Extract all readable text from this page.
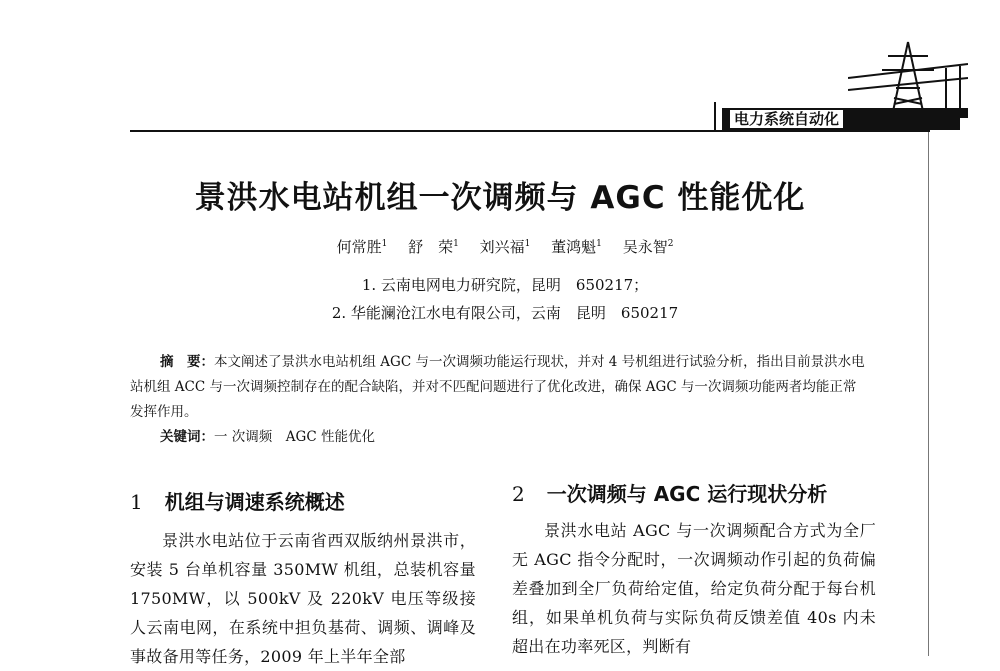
电力系统自动化
景洪水电站机组一次调频与 AGC 性能优化
何常胜$^1$ 舒　荣$^1$ 刘兴福$^1$ 董鸿魁$^1$ 吴永智$^2$
1. 云南电网电力研究院，昆明　650217；
2. 华能澜沧江水电有限公司，云南　昆明　650217
摘　要：本文阐述了景洪水电站机组 AGC 与一次调频功能运行现状，并对 4 号机组进行试验分析，指出目前景洪水电站机组 ACC 与一次调频控制存在的配合缺陷，并对不匹配问题进行了优化改进，确保 AGC 与一次调频功能两者均能正常发挥作用。
关键词：一 次调频　AGC 性能优化
1 机组与调速系统概述
景洪水电站位于云南省西双版纳州景洪市，安装 5 台单机容量 350MW 机组，总装机容量 1750MW，以 500kV 及 220kV 电压等级接人云南电网，在系统中担负基荷、调频、调峰及事故备用等任务，2009 年上半年全部
2 一次调频与 AGC 运行现状分析
景洪水电站 AGC 与一次调频配合方式为全厂无 AGC 指令分配时，一次调频动作引起的负荷偏差叠加到全厂负荷给定值，给定负荷分配于每台机组，如果单机负荷与实际负荷反馈差值 40s 内未超出在功率死区，判断有
